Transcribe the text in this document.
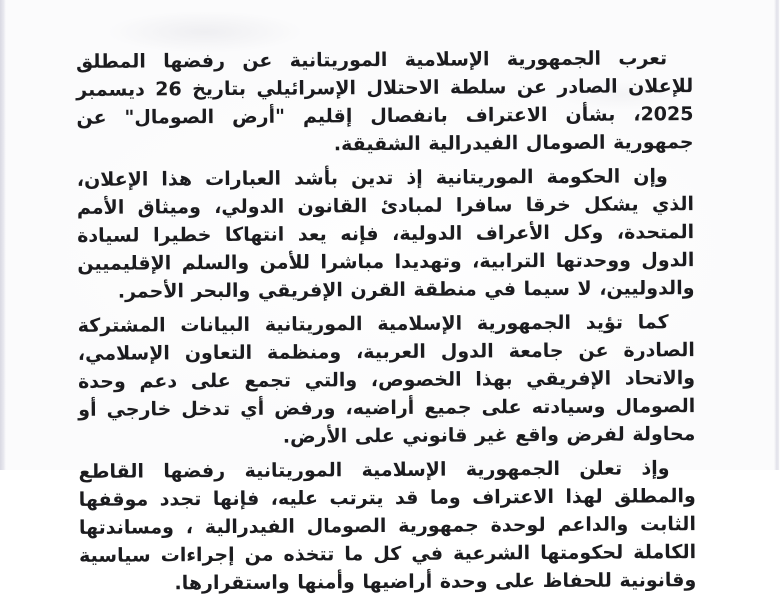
تعرب الجمهورية الإسلامية الموريتانية عن رفضها المطلق للإعلان الصادر عن سلطة الاحتلال الإسرائيلي بتاريخ 26 ديسمبر 2025، بشأن الاعتراف بانفصال إقليم "أرض الصومال" عن جمهورية الصومال الفيدرالية الشقيقة.

وإن الحكومة الموريتانية إذ تدين بأشد العبارات هذا الإعلان، الذي يشكل خرقا سافرا لمبادئ القانون الدولي، وميثاق الأمم المتحدة، وكل الأعراف الدولية، فإنه يعد انتهاكا خطيرا لسيادة الدول ووحدتها الترابية، وتهديدا مباشرا للأمن والسلم الإقليميين والدوليين، لا سيما في منطقة القرن الإفريقي والبحر الأحمر.

كما تؤيد الجمهورية الإسلامية الموريتانية البيانات المشتركة الصادرة عن جامعة الدول العربية، ومنظمة التعاون الإسلامي، والاتحاد الإفريقي بهذا الخصوص، والتي تجمع على دعم وحدة الصومال وسيادته على جميع أراضيه، ورفض أي تدخل خارجي أو محاولة لفرض واقع غير قانوني على الأرض.

وإذ تعلن الجمهورية الإسلامية الموريتانية رفضها القاطع والمطلق لهذا الاعتراف وما قد يترتب عليه، فإنها تجدد موقفها الثابت والداعم لوحدة جمهورية الصومال الفيدرالية ، ومساندتها الكاملة لحكومتها الشرعية في كل ما تتخذه من إجراءات سياسية وقانونية للحفاظ على وحدة أراضيها وأمنها واستقرارها.
